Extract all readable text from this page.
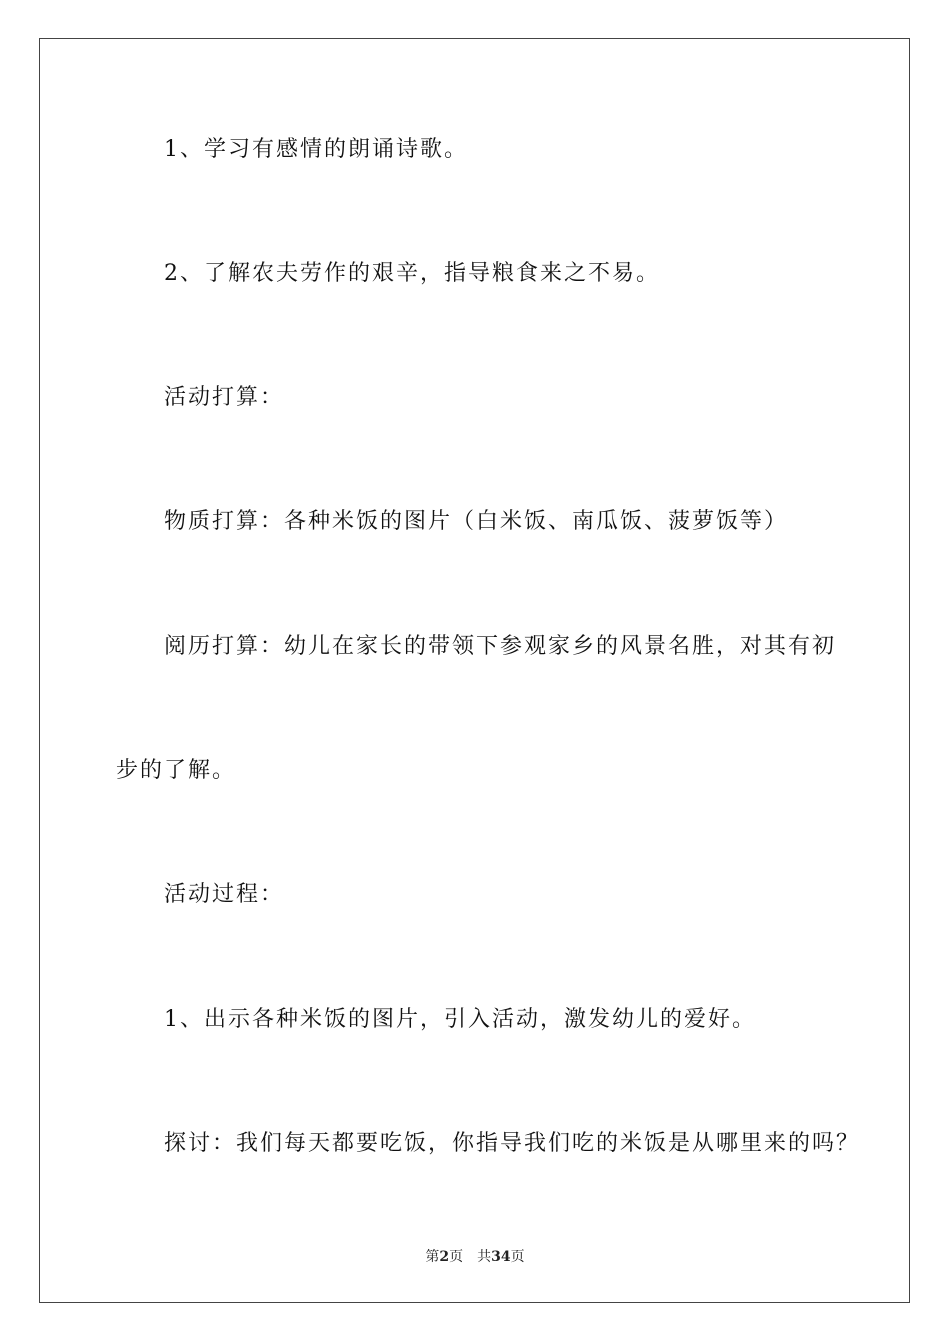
1、学习有感情的朗诵诗歌。
2、了解农夫劳作的艰辛，指导粮食来之不易。
活动打算：
物质打算：各种米饭的图片（白米饭、南瓜饭、菠萝饭等）
阅历打算：幼儿在家长的带领下参观家乡的风景名胜，对其有初
步的了解。
活动过程：
1、出示各种米饭的图片，引入活动，激发幼儿的爱好。
探讨：我们每天都要吃饭，你指导我们吃的米饭是从哪里来的吗？
第2页 共34页
